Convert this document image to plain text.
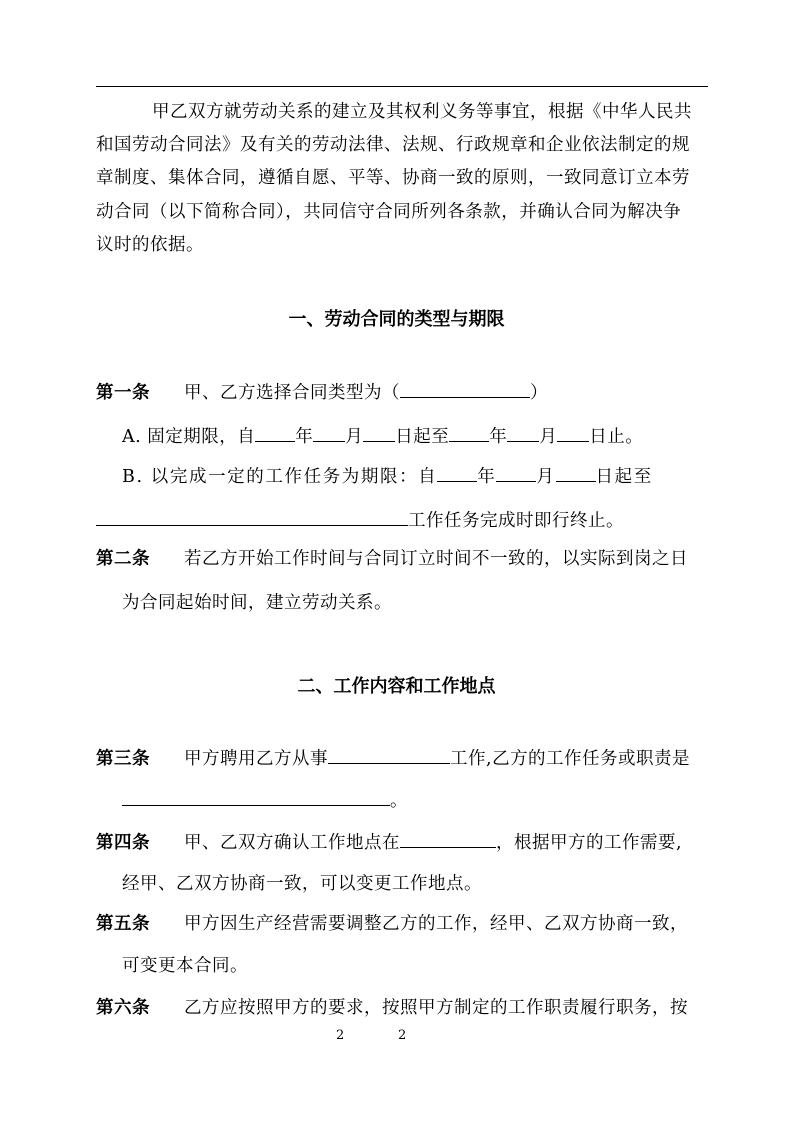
甲乙双方就劳动关系的建立及其权利义务等事宜，根据《中华人民共
和国劳动合同法》及有关的劳动法律、法规、行政规章和企业依法制定的规
章制度、集体合同，遵循自愿、平等、协商一致的原则，一致同意订立本劳
动合同（以下简称合同），共同信守合同所列各条款，并确认合同为解决争
议时的依据。
一、劳动合同的类型与期限
第一条 甲、乙方选择合同类型为（	）
A. 固定期限，自 年 月 日起至 年 月 日止。
B. 以完成一定的工作任务为期限：自 年 月 日起至
工作任务完成时即行终止。
第二条 若乙方开始工作时间与合同订立时间不一致的，以实际到岗之日
为合同起始时间，建立劳动关系。
二、工作内容和工作地点
第三条 甲方聘用乙方从事	工作,乙方的工作任务或职责是
。
第四条 甲、乙双方确认工作地点在	，根据甲方的工作需要,
经甲、乙双方协商一致，可以变更工作地点。
第五条 甲方因生产经营需要调整乙方的工作，经甲、乙双方协商一致，
可变更本合同。
第六条 乙方应按照甲方的要求，按照甲方制定的工作职责履行职务，按
2	2
